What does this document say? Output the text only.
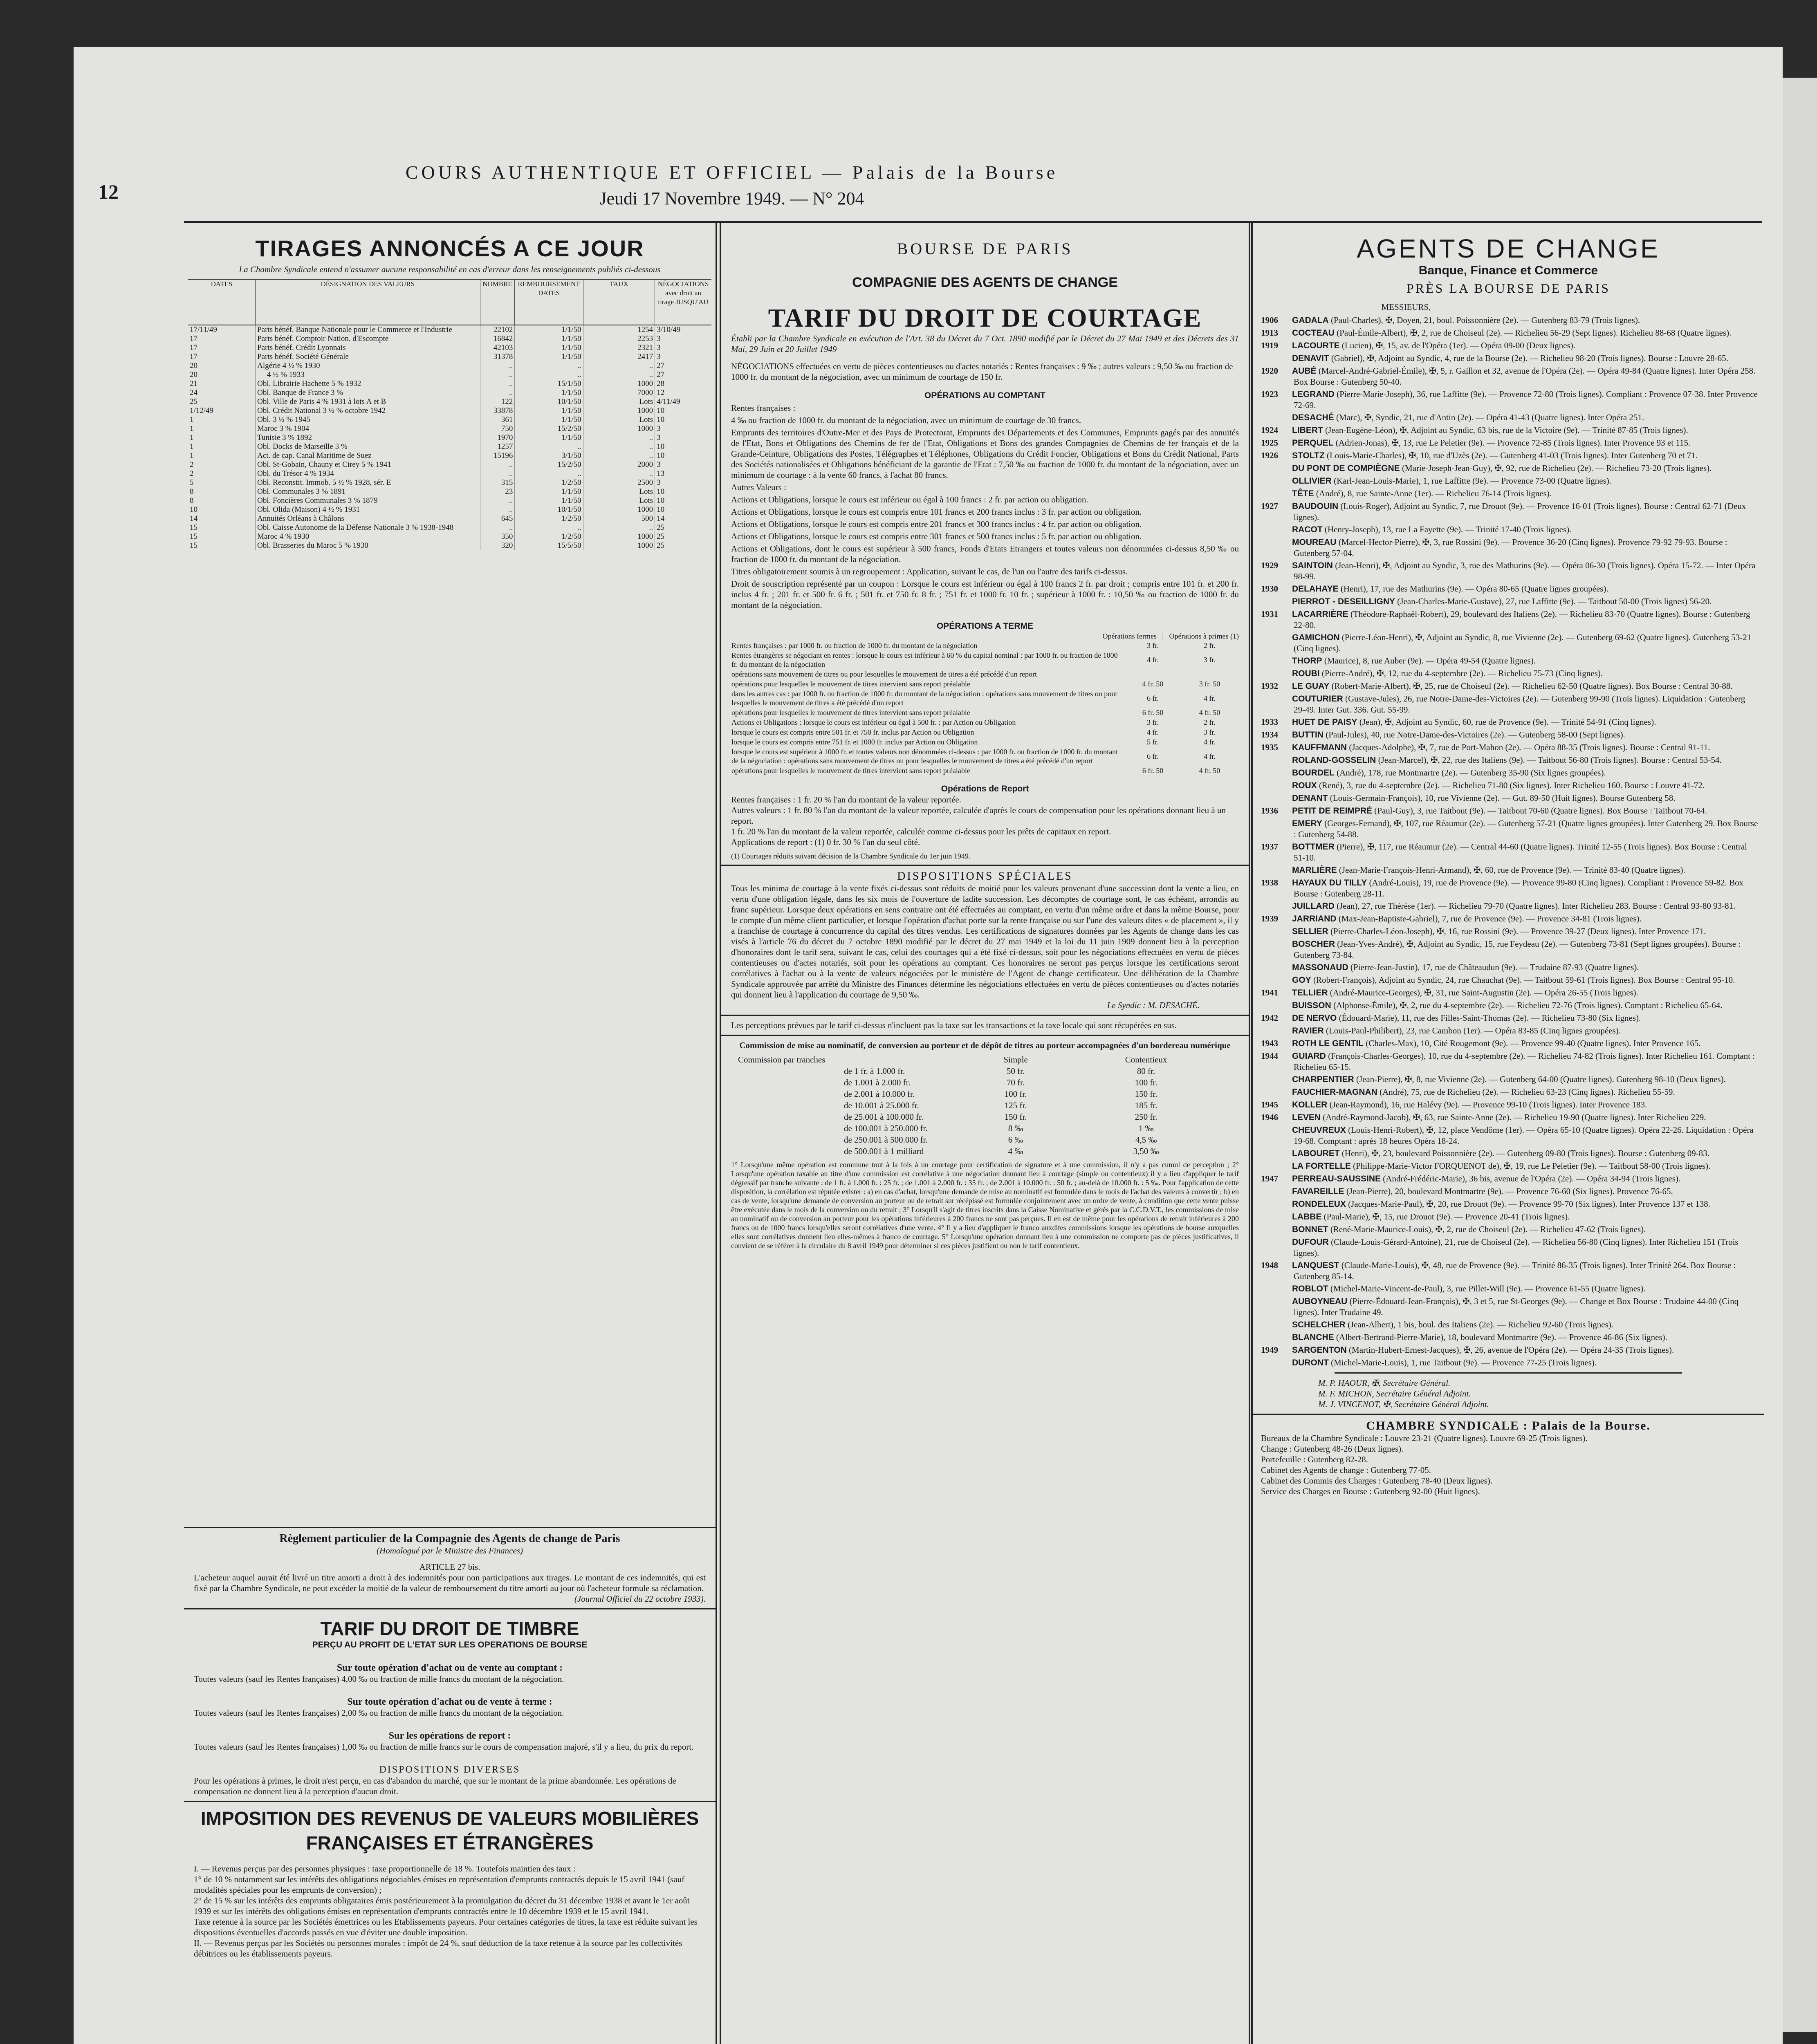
12
COURS AUTHENTIQUE ET OFFICIEL — Palais de la Bourse
Jeudi 17 Novembre 1949. — N° 204
TIRAGES ANNONCÉS A CE JOUR
La Chambre Syndicale entend n'assumer aucune responsabilité en cas d'erreur dans les renseignements publiés ci-dessous
DATES	DÉSIGNATION DES VALEURS	NOMBRE	REMBOURSEMENT
DATES	TAUX	NÉGOCIATIONS avec droit au tirage JUSQU'AU
17/11/49	Parts bénéf. Banque Nationale pour le Commerce et l'Industrie	22102	1/1/50	1254	3/10/49
17 —	Parts bénéf. Comptoir Nation. d'Escompte	16842	1/1/50	2253	3 —
17 —	Parts bénéf. Crédit Lyonnais	42103	1/1/50	2321	3 —
17 —	Parts bénéf. Société Générale	31378	1/1/50	2417	3 —
20 —	Algérie 4 ½ % 1930	..	..	..	27 —
20 —	— 4 ½ % 1933	..	..	..	27 —
21 —	Obl. Librairie Hachette 5 % 1932	..	15/1/50	1000	28 —
24 —	Obl. Banque de France 3 %	..	1/1/50	7000	12 —
25 —	Obl. Ville de Paris 4 % 1931 à lots A et B	122	10/1/50	Lots	4/11/49
1/12/49	Obl. Crédit National 3 ½ % octobre 1942	33878	1/1/50	1000	10 —
1 —	Obl. 3 ½ % 1945	361	1/1/50	Lots	10 —
1 —	Maroc 3 % 1904	750	15/2/50	1000	3 —
1 —	Tunisie 3 % 1892	1970	1/1/50	..	3 —
1 —	Obl. Docks de Marseille 3 %	1257	..	..	10 —
1 —	Act. de cap. Canal Maritime de Suez	15196	3/1/50	..	10 —
2 —	Obl. St-Gobain, Chauny et Cirey 5 % 1941	..	15/2/50	2000	3 —
2 —	Obl. du Trésor 4 % 1934	..	..	..	13 —
5 —	Obl. Reconstit. Immob. 5 ½ % 1928, sér. E	315	1/2/50	2500	3 —
8 —	Obl. Communales 3 % 1891	23	1/1/50	Lots	10 —
8 —	Obl. Foncières Communales 3 % 1879	..	1/1/50	Lots	10 —
10 —	Obl. Olida (Maison) 4 ½ % 1931	..	10/1/50	1000	10 —
14 —	Annuités Orléans à Châlons	645	1/2/50	500	14 —
15 —	Obl. Caisse Autonome de la Défense Nationale 3 % 1938-1948	..	..	..	25 —
15 —	Maroc 4 % 1930	350	1/2/50	1000	25 —
15 —	Obl. Brasseries du Maroc 5 % 1930	320	15/5/50	1000	25 —
Règlement particulier de la Compagnie des Agents de change de Paris
(Homologué par le Ministre des Finances)
ARTICLE 27 bis.
L'acheteur auquel aurait été livré un titre amorti a droit à des indemnités pour non participations aux tirages. Le montant de ces indemnités, qui est fixé par la Chambre Syndicale, ne peut excéder la moitié de la valeur de remboursement du titre amorti au jour où l'acheteur formule sa réclamation.
(Journal Officiel du 22 octobre 1933).
TARIF DU DROIT DE TIMBRE
PERÇU AU PROFIT DE L'ETAT SUR LES OPERATIONS DE BOURSE
Sur toute opération d'achat ou de vente au comptant :
Toutes valeurs (sauf les Rentes françaises) 4,00 ‰ ou fraction de mille francs du montant de la négociation.
Sur toute opération d'achat ou de vente à terme :
Toutes valeurs (sauf les Rentes françaises) 2,00 ‰ ou fraction de mille francs du montant de la négociation.
Sur les opérations de report :
Toutes valeurs (sauf les Rentes françaises) 1,00 ‰ ou fraction de mille francs sur le cours de compensation majoré, s'il y a lieu, du prix du report.
DISPOSITIONS DIVERSES
Pour les opérations à primes, le droit n'est perçu, en cas d'abandon du marché, que sur le montant de la prime abandonnée. Les opérations de compensation ne donnent lieu à la perception d'aucun droit.
IMPOSITION DES REVENUS DE VALEURS MOBILIÈRES FRANÇAISES ET ÉTRANGÈRES
I. — Revenus perçus par des personnes physiques : taxe proportionnelle de 18 %. Toutefois maintien des taux :
1° de 10 % notamment sur les intérêts des obligations négociables émises en représentation d'emprunts contractés depuis le 15 avril 1941 (sauf modalités spéciales pour les emprunts de conversion) ;
2° de 15 % sur les intérêts des emprunts obligataires émis postérieurement à la promulgation du décret du 31 décembre 1938 et avant le 1er août 1939 et sur les intérêts des obligations émises en représentation d'emprunts contractés entre le 10 décembre 1939 et le 15 avril 1941.
Taxe retenue à la source par les Sociétés émettrices ou les Etablissements payeurs. Pour certaines catégories de titres, la taxe est réduite suivant les dispositions éventuelles d'accords passés en vue d'éviter une double imposition.
II. — Revenus perçus par les Sociétés ou personnes morales : impôt de 24 %, sauf déduction de la taxe retenue à la source par les collectivités débitrices ou les établissements payeurs.
BOURSE DE PARIS
COMPAGNIE DES AGENTS DE CHANGE
TARIF DU DROIT DE COURTAGE
Établi par la Chambre Syndicale en exécution de l'Art. 38 du Décret du 7 Oct. 1890 modifié par le Décret du 27 Mai 1949 et des Décrets des 31 Mai, 29 Juin et 20 Juillet 1949
NÉGOCIATIONS effectuées en vertu de pièces contentieuses ou d'actes notariés : Rentes françaises : 9 ‰ ; autres valeurs : 9,50 ‰ ou fraction de 1000 fr. du montant de la négociation, avec un minimum de courtage de 150 fr.
OPÉRATIONS AU COMPTANT
Rentes françaises :
4 ‰ ou fraction de 1000 fr. du montant de la négociation, avec un minimum de courtage de 30 francs.
Emprunts des territoires d'Outre-Mer et des Pays de Protectorat, Emprunts des Départements et des Communes, Emprunts gagés par des annuités de l'Etat, Bons et Obligations des Chemins de fer de l'Etat, Obligations et Bons des grandes Compagnies de Chemins de fer français et de la Grande-Ceinture, Obligations des Postes, Télégraphes et Téléphones, Obligations du Crédit Foncier, Obligations et Bons du Crédit National, Parts des Sociétés nationalisées et Obligations bénéficiant de la garantie de l'Etat : 7,50 ‰ ou fraction de 1000 fr. du montant de la négociation, avec un minimum de courtage : à la vente 60 francs, à l'achat 80 francs.
Autres Valeurs :
Actions et Obligations, lorsque le cours est inférieur ou égal à 100 francs : 2 fr. par action ou obligation.
Actions et Obligations, lorsque le cours est compris entre 101 francs et 200 francs inclus : 3 fr. par action ou obligation.
Actions et Obligations, lorsque le cours est compris entre 201 francs et 300 francs inclus : 4 fr. par action ou obligation.
Actions et Obligations, lorsque le cours est compris entre 301 francs et 500 francs inclus : 5 fr. par action ou obligation.
Actions et Obligations, dont le cours est supérieur à 500 francs, Fonds d'Etats Etrangers et toutes valeurs non dénommées ci-dessus 8,50 ‰ ou fraction de 1000 fr. du montant de la négociation.
Titres obligatoirement soumis à un regroupement : Application, suivant le cas, de l'un ou l'autre des tarifs ci-dessus.
Droit de souscription représenté par un coupon : Lorsque le cours est inférieur ou égal à 100 francs 2 fr. par droit ; compris entre 101 fr. et 200 fr. inclus 4 fr. ; 201 fr. et 500 fr. 6 fr. ; 501 fr. et 750 fr. 8 fr. ; 751 fr. et 1000 fr. 10 fr. ; supérieur à 1000 fr. : 10,50 ‰ ou fraction de 1000 fr. du montant de la négociation.
OPÉRATIONS A TERME
Opérations fermes   |   Opérations à primes (1)
Rentes françaises : par 1000 fr. ou fraction de 1000 fr. du montant de la négociation	3 fr.	2 fr.
Rentes étrangères se négociant en rentes : lorsque le cours est inférieur à 60 % du capital nominal : par 1000 fr. ou fraction de 1000 fr. du montant de la négociation	4 fr.	3 fr.
opérations sans mouvement de titres ou pour lesquelles le mouvement de titres a été précédé d'un report		
opérations pour lesquelles le mouvement de titres intervient sans report préalable	4 fr. 50	3 fr. 50
dans les autres cas : par 1000 fr. ou fraction de 1000 fr. du montant de la négociation : opérations sans mouvement de titres ou pour lesquelles le mouvement de titres a été précédé d'un report	6 fr.	4 fr.
opérations pour lesquelles le mouvement de titres intervient sans report préalable	6 fr. 50	4 fr. 50
Actions et Obligations : lorsque le cours est inférieur ou égal à 500 fr. : par Action ou Obligation	3 fr.	2 fr.
lorsque le cours est compris entre 501 fr. et 750 fr. inclus par Action ou Obligation	4 fr.	3 fr.
lorsque le cours est compris entre 751 fr. et 1000 fr. inclus par Action ou Obligation	5 fr.	4 fr.
lorsque le cours est supérieur à 1000 fr. et toutes valeurs non dénommées ci-dessus : par 1000 fr. ou fraction de 1000 fr. du montant de la négociation : opérations sans mouvement de titres ou pour lesquelles le mouvement de titres a été précédé d'un report	6 fr.	4 fr.
opérations pour lesquelles le mouvement de titres intervient sans report préalable	6 fr. 50	4 fr. 50
Opérations de Report
Rentes françaises : 1 fr. 20 % l'an du montant de la valeur reportée.
Autres valeurs : 1 fr. 80 % l'an du montant de la valeur reportée, calculée d'après le cours de compensation pour les opérations donnant lieu à un report.
1 fr. 20 % l'an du montant de la valeur reportée, calculée comme ci-dessus pour les prêts de capitaux en report.
Applications de report : (1) 0 fr. 30 % l'an du seul côté.
(1) Courtages réduits suivant décision de la Chambre Syndicale du 1er juin 1949.
DISPOSITIONS SPÉCIALES
Tous les minima de courtage à la vente fixés ci-dessus sont réduits de moitié pour les valeurs provenant d'une succession dont la vente a lieu, en vertu d'une obligation légale, dans les six mois de l'ouverture de ladite succession. Les décomptes de courtage sont, le cas échéant, arrondis au franc supérieur. Lorsque deux opérations en sens contraire ont été effectuées au comptant, en vertu d'un même ordre et dans la même Bourse, pour le compte d'un même client particulier, et lorsque l'opération d'achat porte sur la rente française ou sur l'une des valeurs dites « de placement », il y a franchise de courtage à concurrence du capital des titres vendus. Les certifications de signatures données par les Agents de change dans les cas visés à l'article 76 du décret du 7 octobre 1890 modifié par le décret du 27 mai 1949 et la loi du 11 juin 1909 donnent lieu à la perception d'honoraires dont le tarif sera, suivant le cas, celui des courtages qui a été fixé ci-dessus, soit pour les négociations effectuées en vertu de pièces contentieuses ou d'actes notariés, soit pour les opérations au comptant. Ces honoraires ne seront pas perçus lorsque les certifications seront corrélatives à l'achat ou à la vente de valeurs négociées par le ministère de l'Agent de change certificateur. Une délibération de la Chambre Syndicale approuvée par arrêté du Ministre des Finances détermine les négociations effectuées en vertu de pièces contentieuses ou d'actes notariés qui donnent lieu à l'application du courtage de 9,50 ‰.
Le Syndic : M. DESACHÉ.
Les perceptions prévues par le tarif ci-dessus n'incluent pas la taxe sur les transactions et la taxe locale qui sont récupérées en sus.
Commission de mise au nominatif, de conversion au porteur et de dépôt de titres au porteur accompagnées d'un bordereau numérique
Commission par tranches	Simple	Contentieux
de 1 fr. à 1.000 fr.	50 fr.	80 fr.
de 1.001 à 2.000 fr.	70 fr.	100 fr.
de 2.001 à 10.000 fr.	100 fr.	150 fr.
de 10.001 à 25.000 fr.	125 fr.	185 fr.
de 25.001 à 100.000 fr.	150 fr.	250 fr.
de 100.001 à 250.000 fr.	8 ‰	1 ‰
de 250.001 à 500.000 fr.	6 ‰	4,5 ‰
de 500.001 à 1 milliard	4 ‰	3,50 ‰
1° Lorsqu'une même opération est commune tout à la fois à un courtage pour certification de signature et à une commission, il n'y a pas cumul de perception ; 2° Lorsqu'une opération taxable au titre d'une commission est corrélative à une négociation donnant lieu à courtage (simple ou contentieux) il y a lieu d'appliquer le tarif dégressif par tranche suivante : de 1 fr. à 1.000 fr. : 25 fr. ; de 1.001 à 2.000 fr. : 35 fr. ; de 2.001 à 10.000 fr. : 50 fr. ; au-delà de 10.000 fr. : 5 ‰. Pour l'application de cette disposition, la corrélation est réputée exister : a) en cas d'achat, lorsqu'une demande de mise au nominatif est formulée dans le mois de l'achat des valeurs à convertir ; b) en cas de vente, lorsqu'une demande de conversion au porteur ou de retrait sur récépissé est formulée conjointement avec un ordre de vente, à condition que cette vente puisse être exécutée dans le mois de la conversion ou du retrait ; 3° Lorsqu'il s'agit de titres inscrits dans la Caisse Nominative et gérés par la C.C.D.V.T., les commissions de mise au nominatif ou de conversion au porteur pour les opérations inférieures à 200 francs ne sont pas perçues. Il en est de même pour les opérations de retrait inférieures à 200 francs ou de 1000 francs lorsqu'elles seront corrélatives d'une vente. 4° Il y a lieu d'appliquer le franco auxdites commissions lorsque les opérations de bourse auxquelles elles sont corrélatives donnent lieu elles-mêmes à franco de courtage. 5° Lorsqu'une opération donnant lieu à une commission ne comporte pas de pièces justificatives, il convient de se référer à la circulaire du 8 avril 1949 pour déterminer si ces pièces justifient ou non le tarif contentieux.
AGENTS DE CHANGE
Banque, Finance et Commerce
PRÈS LA BOURSE DE PARIS
MESSIEURS,
1906 GADALA (Paul-Charles), ✠, Doyen, 21, boul. Poissonnière (2e). — Gutenberg 83-79 (Trois lignes).
1913 COCTEAU (Paul-Émile-Albert), ✠, 2, rue de Choiseul (2e). — Richelieu 56-29 (Sept lignes). Richelieu 88-68 (Quatre lignes).
1919 LACOURTE (Lucien), ✠, 15, av. de l'Opéra (1er). — Opéra 09-00 (Deux lignes).
DENAVIT (Gabriel), ✠, Adjoint au Syndic, 4, rue de la Bourse (2e). — Richelieu 98-20 (Trois lignes). Bourse : Louvre 28-65.
1920 AUBÉ (Marcel-André-Gabriel-Émile), ✠, 5, r. Gaillon et 32, avenue de l'Opéra (2e). — Opéra 49-84 (Quatre lignes). Inter Opéra 258. Box Bourse : Gutenberg 50-40.
1923 LEGRAND (Pierre-Marie-Joseph), 36, rue Laffitte (9e). — Provence 72-80 (Trois lignes). Compliant : Provence 07-38. Inter Provence 72-69.
DESACHÉ (Marc), ✠, Syndic, 21, rue d'Antin (2e). — Opéra 41-43 (Quatre lignes). Inter Opéra 251.
1924 LIBERT (Jean-Eugène-Léon), ✠, Adjoint au Syndic, 63 bis, rue de la Victoire (9e). — Trinité 87-85 (Trois lignes).
1925 PERQUEL (Adrien-Jonas), ✠, 13, rue Le Peletier (9e). — Provence 72-85 (Trois lignes). Inter Provence 93 et 115.
1926 STOLTZ (Louis-Marie-Charles), ✠, 10, rue d'Uzès (2e). — Gutenberg 41-03 (Trois lignes). Inter Gutenberg 70 et 71.
DU PONT DE COMPIÈGNE (Marie-Joseph-Jean-Guy), ✠, 92, rue de Richelieu (2e). — Richelieu 73-20 (Trois lignes).
OLLIVIER (Karl-Jean-Louis-Marie), 1, rue Laffitte (9e). — Provence 73-00 (Quatre lignes).
TÊTE (André), 8, rue Sainte-Anne (1er). — Richelieu 76-14 (Trois lignes).
1927 BAUDOUIN (Louis-Roger), Adjoint au Syndic, 7, rue Drouot (9e). — Provence 16-01 (Trois lignes). Bourse : Central 62-71 (Deux lignes).
RACOT (Henry-Joseph), 13, rue La Fayette (9e). — Trinité 17-40 (Trois lignes).
MOUREAU (Marcel-Hector-Pierre), ✠, 3, rue Rossini (9e). — Provence 36-20 (Cinq lignes). Provence 79-92 79-93. Bourse : Gutenberg 57-04.
1929 SAINTOIN (Jean-Henri), ✠, Adjoint au Syndic, 3, rue des Mathurins (9e). — Opéra 06-30 (Trois lignes). Opéra 15-72. — Inter Opéra 98-99.
1930 DELAHAYE (Henri), 17, rue des Mathurins (9e). — Opéra 80-65 (Quatre lignes groupées).
PIERROT - DESEILLIGNY (Jean-Charles-Marie-Gustave), 27, rue Laffitte (9e). — Taitbout 50-00 (Trois lignes) 56-20.
1931 LACARRIÈRE (Théodore-Raphaël-Robert), 29, boulevard des Italiens (2e). — Richelieu 83-70 (Quatre lignes). Bourse : Gutenberg 22-80.
GAMICHON (Pierre-Léon-Henri), ✠, Adjoint au Syndic, 8, rue Vivienne (2e). — Gutenberg 69-62 (Quatre lignes). Gutenberg 53-21 (Cinq lignes).
THORP (Maurice), 8, rue Auber (9e). — Opéra 49-54 (Quatre lignes).
ROUBI (Pierre-André), ✠, 12, rue du 4-septembre (2e). — Richelieu 75-73 (Cinq lignes).
1932 LE GUAY (Robert-Marie-Albert), ✠, 25, rue de Choiseul (2e). — Richelieu 62-50 (Quatre lignes). Box Bourse : Central 30-88.
COUTURIER (Gustave-Jules), 26, rue Notre-Dame-des-Victoires (2e). — Gutenberg 99-90 (Trois lignes). Liquidation : Gutenberg 29-49. Inter Gut. 336. Gut. 55-99.
1933 HUET DE PAISY (Jean), ✠, Adjoint au Syndic, 60, rue de Provence (9e). — Trinité 54-91 (Cinq lignes).
1934 BUTTIN (Paul-Jules), 40, rue Notre-Dame-des-Victoires (2e). — Gutenberg 58-00 (Sept lignes).
1935 KAUFFMANN (Jacques-Adolphe), ✠, 7, rue de Port-Mahon (2e). — Opéra 88-35 (Trois lignes). Bourse : Central 91-11.
ROLAND-GOSSELIN (Jean-Marcel), ✠, 22, rue des Italiens (9e). — Taitbout 56-80 (Trois lignes). Bourse : Central 53-54.
BOURDEL (André), 178, rue Montmartre (2e). — Gutenberg 35-90 (Six lignes groupées).
ROUX (René), 3, rue du 4-septembre (2e). — Richelieu 71-80 (Six lignes). Inter Richelieu 160. Bourse : Louvre 41-72.
DENANT (Louis-Germain-François), 10, rue Vivienne (2e). — Gut. 89-50 (Huit lignes). Bourse Gutenberg 58.
1936 PETIT DE REIMPRÉ (Paul-Guy), 3, rue Taitbout (9e). — Taitbout 70-60 (Quatre lignes). Box Bourse : Taitbout 70-64.
EMERY (Georges-Fernand), ✠, 107, rue Réaumur (2e). — Gutenberg 57-21 (Quatre lignes groupées). Inter Gutenberg 29. Box Bourse : Gutenberg 54-88.
1937 BOTTMER (Pierre), ✠, 117, rue Réaumur (2e). — Central 44-60 (Quatre lignes). Trinité 12-55 (Trois lignes). Box Bourse : Central 51-10.
MARLIÈRE (Jean-Marie-François-Henri-Armand), ✠, 60, rue de Provence (9e). — Trinité 83-40 (Quatre lignes).
1938 HAYAUX DU TILLY (André-Louis), 19, rue de Provence (9e). — Provence 99-80 (Cinq lignes). Compliant : Provence 59-82. Box Bourse : Gutenberg 28-11.
JUILLARD (Jean), 27, rue Thérèse (1er). — Richelieu 79-70 (Quatre lignes). Inter Richelieu 283. Bourse : Central 93-80 93-81.
1939 JARRIAND (Max-Jean-Baptiste-Gabriel), 7, rue de Provence (9e). — Provence 34-81 (Trois lignes).
SELLIER (Pierre-Charles-Léon-Joseph), ✠, 16, rue Rossini (9e). — Provence 39-27 (Deux lignes). Inter Provence 171.
BOSCHER (Jean-Yves-André), ✠, Adjoint au Syndic, 15, rue Feydeau (2e). — Gutenberg 73-81 (Sept lignes groupées). Bourse : Gutenberg 73-84.
MASSONAUD (Pierre-Jean-Justin), 17, rue de Châteaudun (9e). — Trudaine 87-93 (Quatre lignes).
GOY (Robert-François), Adjoint au Syndic, 24, rue Chauchat (9e). — Taitbout 59-61 (Trois lignes). Box Bourse : Central 95-10.
1941 TELLIER (André-Maurice-Georges), ✠, 31, rue Saint-Augustin (2e). — Opéra 26-55 (Trois lignes).
BUISSON (Alphonse-Émile), ✠, 2, rue du 4-septembre (2e). — Richelieu 72-76 (Trois lignes). Comptant : Richelieu 65-64.
1942 DE NERVO (Édouard-Marie), 11, rue des Filles-Saint-Thomas (2e). — Richelieu 73-80 (Six lignes).
RAVIER (Louis-Paul-Philibert), 23, rue Cambon (1er). — Opéra 83-85 (Cinq lignes groupées).
1943 ROTH LE GENTIL (Charles-Max), 10, Cité Rougemont (9e). — Provence 99-40 (Quatre lignes). Inter Provence 165.
1944 GUIARD (François-Charles-Georges), 10, rue du 4-septembre (2e). — Richelieu 74-82 (Trois lignes). Inter Richelieu 161. Comptant : Richelieu 65-15.
CHARPENTIER (Jean-Pierre), ✠, 8, rue Vivienne (2e). — Gutenberg 64-00 (Quatre lignes). Gutenberg 98-10 (Deux lignes).
FAUCHIER-MAGNAN (André), 75, rue de Richelieu (2e). — Richelieu 63-23 (Cinq lignes). Richelieu 55-59.
1945 KOLLER (Jean-Raymond), 16, rue Halévy (9e). — Provence 99-10 (Trois lignes). Inter Provence 183.
1946 LEVEN (André-Raymond-Jacob), ✠, 63, rue Sainte-Anne (2e). — Richelieu 19-90 (Quatre lignes). Inter Richelieu 229.
CHEUVREUX (Louis-Henri-Robert), ✠, 12, place Vendôme (1er). — Opéra 65-10 (Quatre lignes). Opéra 22-26. Liquidation : Opéra 19-68. Comptant : après 18 heures Opéra 18-24.
LABOURET (Henri), ✠, 23, boulevard Poissonnière (2e). — Gutenberg 09-80 (Trois lignes). Bourse : Gutenberg 09-83.
LA FORTELLE (Philippe-Marie-Victor FORQUENOT de), ✠, 19, rue Le Peletier (9e). — Taitbout 58-00 (Trois lignes).
1947 PERREAU-SAUSSINE (André-Frédéric-Marie), 36 bis, avenue de l'Opéra (2e). — Opéra 34-94 (Trois lignes).
FAVAREILLE (Jean-Pierre), 20, boulevard Montmartre (9e). — Provence 76-60 (Six lignes). Provence 76-65.
RONDELEUX (Jacques-Marie-Paul), ✠, 20, rue Drouot (9e). — Provence 99-70 (Six lignes). Inter Provence 137 et 138.
LABBE (Paul-Marie), ✠, 15, rue Drouot (9e). — Provence 20-41 (Trois lignes).
BONNET (René-Marie-Maurice-Louis), ✠, 2, rue de Choiseul (2e). — Richelieu 47-62 (Trois lignes).
DUFOUR (Claude-Louis-Gérard-Antoine), 21, rue de Choiseul (2e). — Richelieu 56-80 (Cinq lignes). Inter Richelieu 151 (Trois lignes).
1948 LANQUEST (Claude-Marie-Louis), ✠, 48, rue de Provence (9e). — Trinité 86-35 (Trois lignes). Inter Trinité 264. Box Bourse : Gutenberg 85-14.
ROBLOT (Michel-Marie-Vincent-de-Paul), 3, rue Pillet-Will (9e). — Provence 61-55 (Quatre lignes).
AUBOYNEAU (Pierre-Édouard-Jean-François), ✠, 3 et 5, rue St-Georges (9e). — Change et Box Bourse : Trudaine 44-00 (Cinq lignes). Inter Trudaine 49.
SCHELCHER (Jean-Albert), 1 bis, boul. des Italiens (2e). — Richelieu 92-60 (Trois lignes).
BLANCHE (Albert-Bertrand-Pierre-Marie), 18, boulevard Montmartre (9e). — Provence 46-86 (Six lignes).
1949 SARGENTON (Martin-Hubert-Ernest-Jacques), ✠, 26, avenue de l'Opéra (2e). — Opéra 24-35 (Trois lignes).
DURONT (Michel-Marie-Louis), 1, rue Taitbout (9e). — Provence 77-25 (Trois lignes).
M. P. HAOUR, ✠, Secrétaire Général.
M. F. MICHON, Secrétaire Général Adjoint.
M. J. VINCENOT, ✠, Secrétaire Général Adjoint.
CHAMBRE SYNDICALE : Palais de la Bourse.
Bureaux de la Chambre Syndicale : Louvre 23-21 (Quatre lignes). Louvre 69-25 (Trois lignes).
Change : Gutenberg 48-26 (Deux lignes).
Portefeuille : Gutenberg 82-28.
Cabinet des Agents de change : Gutenberg 77-05.
Cabinet des Commis des Charges : Gutenberg 78-40 (Deux lignes).
Service des Charges en Bourse : Gutenberg 92-00 (Huit lignes).
